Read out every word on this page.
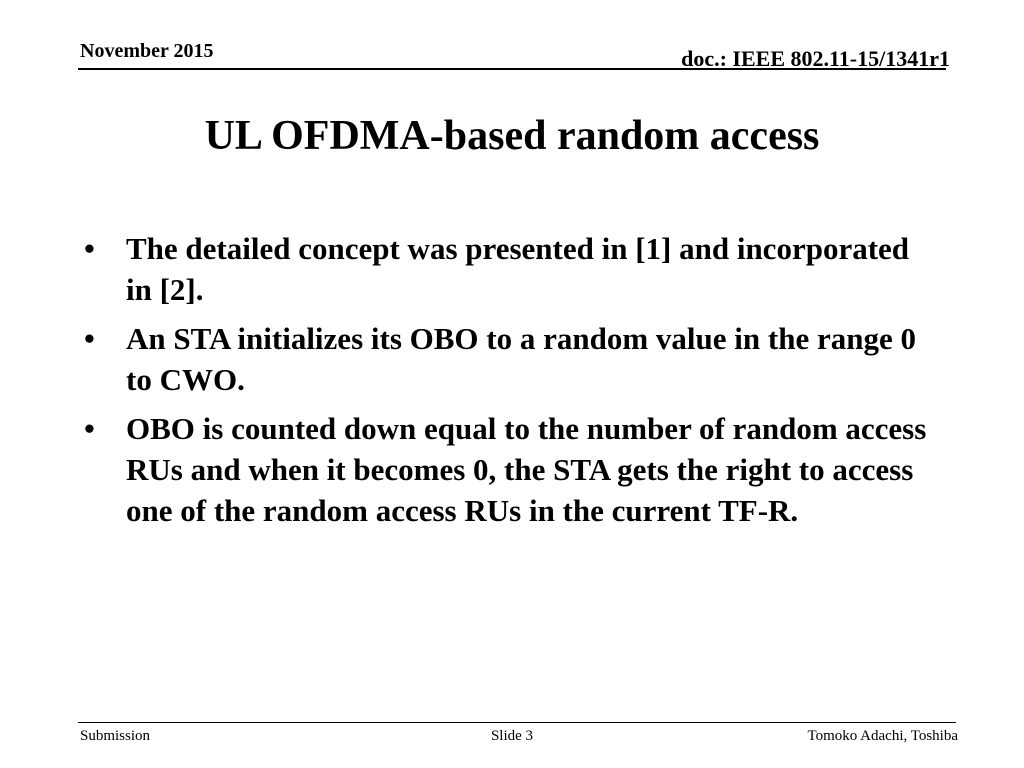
November 2015	doc.: IEEE 802.11-15/1341r1
UL OFDMA-based random access
• The detailed concept was presented in [1] and incorporated in [2].
• An STA initializes its OBO to a random value in the range 0 to CWO.
• OBO is counted down equal to the number of random access RUs and when it becomes 0, the STA gets the right to access one of the random access RUs in the current TF-R.
Submission	Slide 3	Tomoko Adachi, Toshiba
